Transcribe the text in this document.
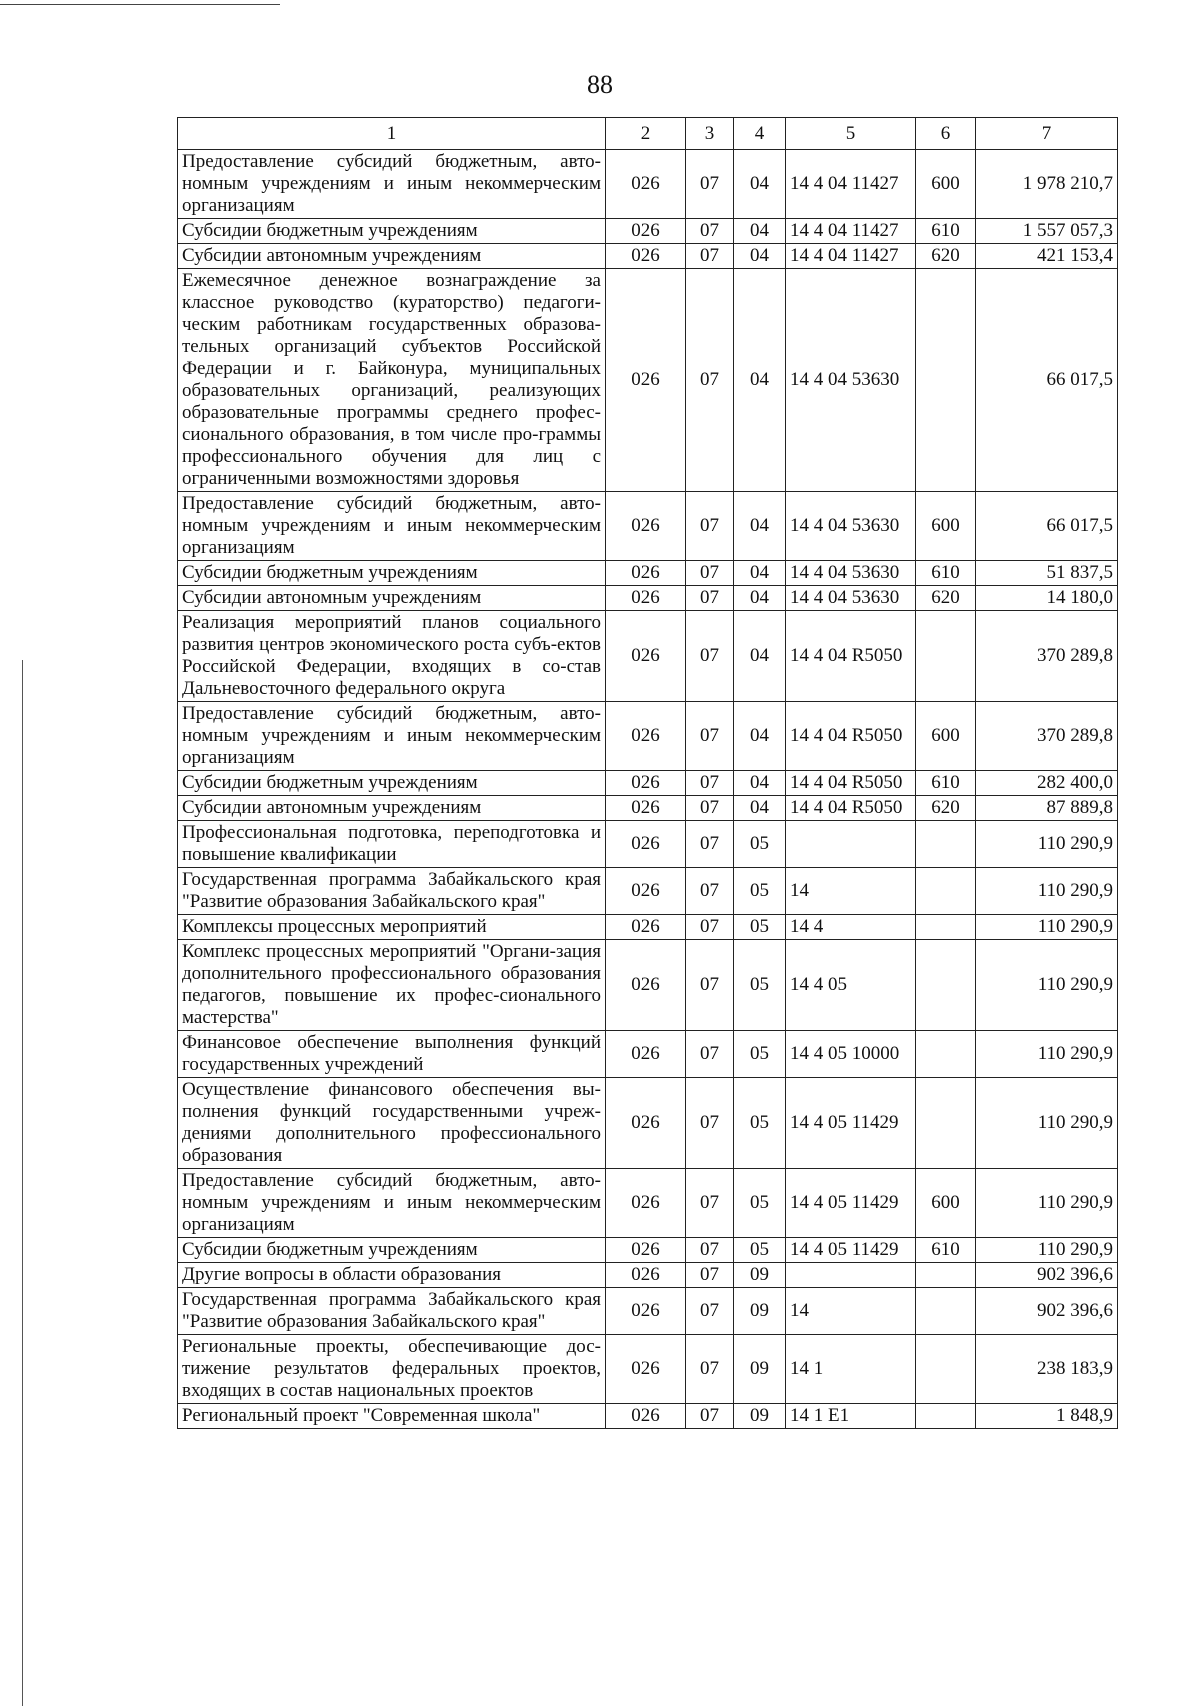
88
1	2	3	4	5	6	7
Предоставление субсидий бюджетным, авто-номным учреждениям и иным некоммерческим организациям	026	07	04	14 4 04 11427	600	1 978 210,7
Субсидии бюджетным учреждениям	026	07	04	14 4 04 11427	610	1 557 057,3
Субсидии автономным учреждениям	026	07	04	14 4 04 11427	620	421 153,4
Ежемесячное денежное вознаграждение за классное руководство (кураторство) педагоги-ческим работникам государственных образова-тельных организаций субъектов Российской Федерации и г. Байконура, муниципальных образовательных организаций, реализующих образовательные программы среднего профес-сионального образования, в том числе про-граммы профессионального обучения для лиц с ограниченными возможностями здоровья	026	07	04	14 4 04 53630		66 017,5
Предоставление субсидий бюджетным, авто-номным учреждениям и иным некоммерческим организациям	026	07	04	14 4 04 53630	600	66 017,5
Субсидии бюджетным учреждениям	026	07	04	14 4 04 53630	610	51 837,5
Субсидии автономным учреждениям	026	07	04	14 4 04 53630	620	14 180,0
Реализация мероприятий планов социального развития центров экономического роста субъ-ектов Российской Федерации, входящих в со-став Дальневосточного федерального округа	026	07	04	14 4 04 R5050		370 289,8
Предоставление субсидий бюджетным, авто-номным учреждениям и иным некоммерческим организациям	026	07	04	14 4 04 R5050	600	370 289,8
Субсидии бюджетным учреждениям	026	07	04	14 4 04 R5050	610	282 400,0
Субсидии автономным учреждениям	026	07	04	14 4 04 R5050	620	87 889,8
Профессиональная подготовка, переподготовка и повышение квалификации	026	07	05			110 290,9
Государственная программа Забайкальского края "Развитие образования Забайкальского края"	026	07	05	14		110 290,9
Комплексы процессных мероприятий	026	07	05	14 4		110 290,9
Комплекс процессных мероприятий "Органи-зация дополнительного профессионального образования педагогов, повышение их профес-сионального мастерства"	026	07	05	14 4 05		110 290,9
Финансовое обеспечение выполнения функций государственных учреждений	026	07	05	14 4 05 10000		110 290,9
Осуществление финансового обеспечения вы-полнения функций государственными учреж-дениями дополнительного профессионального образования	026	07	05	14 4 05 11429		110 290,9
Предоставление субсидий бюджетным, авто-номным учреждениям и иным некоммерческим организациям	026	07	05	14 4 05 11429	600	110 290,9
Субсидии бюджетным учреждениям	026	07	05	14 4 05 11429	610	110 290,9
Другие вопросы в области образования	026	07	09			902 396,6
Государственная программа Забайкальского края "Развитие образования Забайкальского края"	026	07	09	14		902 396,6
Региональные проекты, обеспечивающие дос-тижение результатов федеральных проектов, входящих в состав национальных проектов	026	07	09	14 1		238 183,9
Региональный проект "Современная школа"	026	07	09	14 1 E1		1 848,9
